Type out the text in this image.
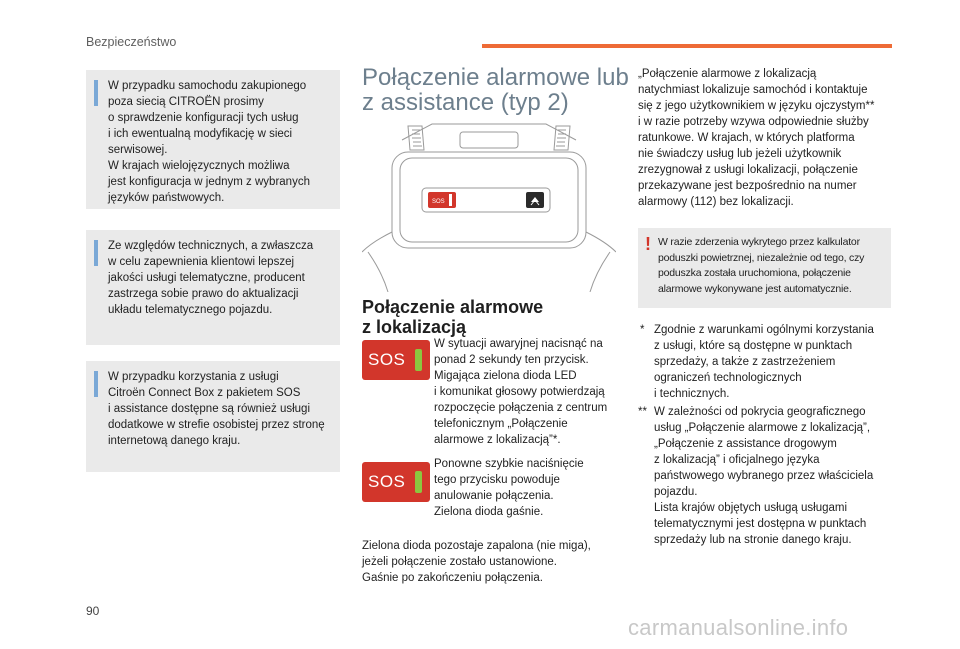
Bezpieczeństwo
W przypadku samochodu zakupionego
poza siecią CITROËN prosimy
o sprawdzenie konfiguracji tych usług
i ich ewentualną modyfikację w sieci
serwisowej.
W krajach wielojęzycznych możliwa
jest konfiguracja w jednym z wybranych
języków państwowych.
Ze względów technicznych, a zwłaszcza
w celu zapewnienia klientowi lepszej
jakości usługi telematyczne, producent
zastrzega sobie prawo do aktualizacji
układu telematycznego pojazdu.
W przypadku korzystania z usługi
Citroën Connect Box z pakietem SOS
i assistance dostępne są również usługi
dodatkowe w strefie osobistej przez stronę
internetową danego kraju.
Połączenie alarmowe lub
z assistance (typ 2)
SOS
Połączenie alarmowe
z lokalizacją
SOS
W sytuacji awaryjnej nacisnąć na
ponad 2 sekundy ten przycisk.
Migająca zielona dioda LED
i komunikat głosowy potwierdzają
rozpoczęcie połączenia z centrum
telefonicznym „Połączenie
alarmowe z lokalizacją”*.
SOS
Ponowne szybkie naciśnięcie
tego przycisku powoduje
anulowanie połączenia.
Zielona dioda gaśnie.
Zielona dioda pozostaje zapalona (nie miga),
jeżeli połączenie zostało ustanowione.
Gaśnie po zakończeniu połączenia.
„Połączenie alarmowe z lokalizacją
natychmiast lokalizuje samochód i kontaktuje
się z jego użytkownikiem w języku ojczystym**
i w razie potrzeby wzywa odpowiednie służby
ratunkowe. W krajach, w których platforma
nie świadczy usług lub jeżeli użytkownik
zrezygnował z usługi lokalizacji, połączenie
przekazywane jest bezpośrednio na numer
alarmowy (112) bez lokalizacji.
! W razie zderzenia wykrytego przez kalkulator
poduszki powietrznej, niezależnie od tego, czy
poduszka została uruchomiona, połączenie
alarmowe wykonywane jest automatycznie.
* Zgodnie z warunkami ogólnymi korzystania
z usługi, które są dostępne w punktach
sprzedaży, a także z zastrzeżeniem
ograniczeń technologicznych
i technicznych.
** W zależności od pokrycia geograficznego
usług „Połączenie alarmowe z lokalizacją”,
„Połączenie z assistance drogowym
z lokalizacją” i oficjalnego języka
państwowego wybranego przez właściciela
pojazdu.
Lista krajów objętych usługą usługami
telematycznymi jest dostępna w punktach
sprzedaży lub na stronie danego kraju.
90
carmanualsonline.info
